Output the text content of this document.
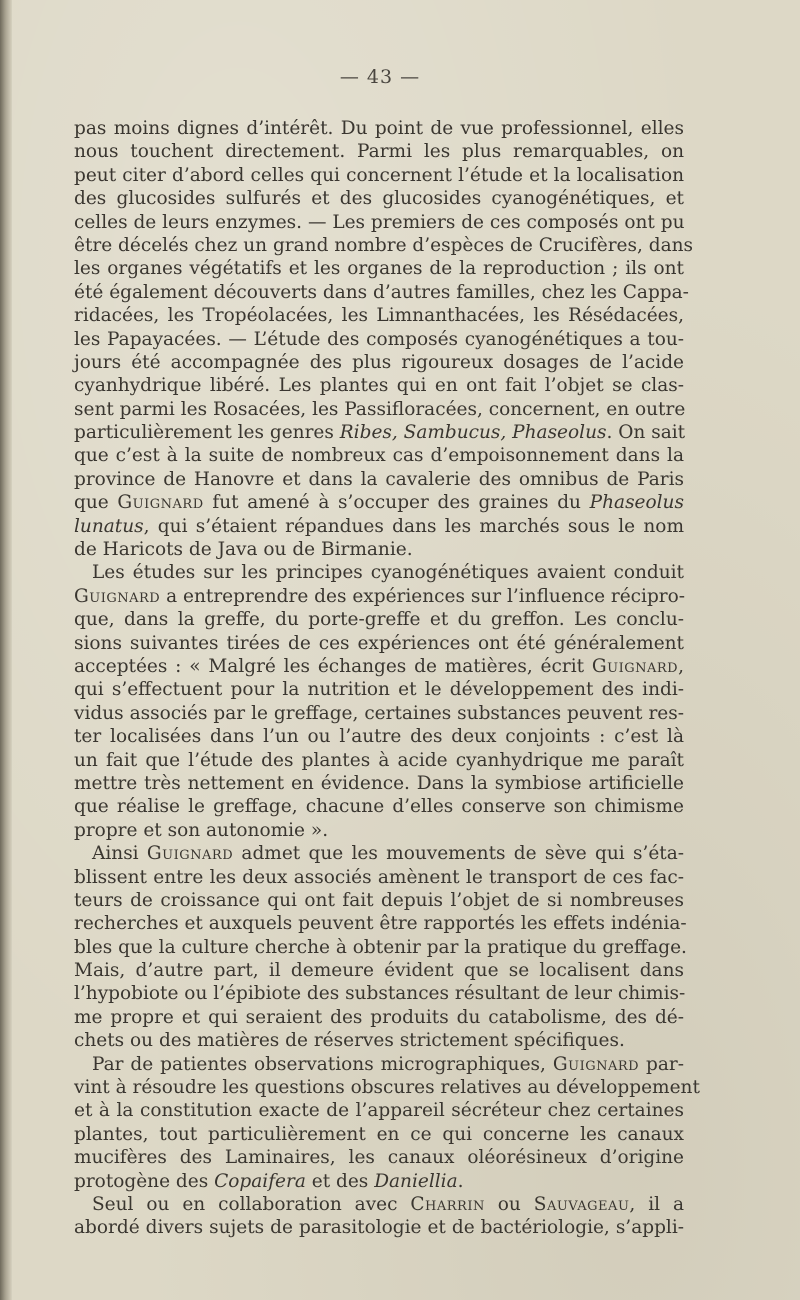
— 43 —
pas moins dignes d’intérêt. Du point de vue professionnel, elles
nous touchent directement. Parmi les plus remarquables, on
peut citer d’abord celles qui concernent l’étude et la localisation
des glucosides sulfurés et des glucosides cyanogénétiques, et
celles de leurs enzymes. — Les premiers de ces composés ont pu
être décelés chez un grand nombre d’espèces de Crucifères, dans
les organes végétatifs et les organes de la reproduction ; ils ont
été également découverts dans d’autres familles, chez les Cappa-
ridacées, les Tropéolacées, les Limnanthacées, les Résédacées,
les Papayacées. — L’étude des composés cyanogénétiques a tou-
jours été accompagnée des plus rigoureux dosages de l’acide
cyanhydrique libéré. Les plantes qui en ont fait l’objet se clas-
sent parmi les Rosacées, les Passifloracées, concernent, en outre
particulièrement les genres Ribes, Sambucus, Phaseolus. On sait
que c’est à la suite de nombreux cas d’empoisonnement dans la
province de Hanovre et dans la cavalerie des omnibus de Paris
que Guignard fut amené à s’occuper des graines du Phaseolus
lunatus, qui s’étaient répandues dans les marchés sous le nom
de Haricots de Java ou de Birmanie.
Les études sur les principes cyanogénétiques avaient conduit
Guignard a entreprendre des expériences sur l’influence récipro-
que, dans la greffe, du porte-greffe et du greffon. Les conclu-
sions suivantes tirées de ces expériences ont été généralement
acceptées : « Malgré les échanges de matières, écrit Guignard,
qui s’effectuent pour la nutrition et le développement des indi-
vidus associés par le greffage, certaines substances peuvent res-
ter localisées dans l’un ou l’autre des deux conjoints : c’est là
un fait que l’étude des plantes à acide cyanhydrique me paraît
mettre très nettement en évidence. Dans la symbiose artificielle
que réalise le greffage, chacune d’elles conserve son chimisme
propre et son autonomie ».
Ainsi Guignard admet que les mouvements de sève qui s’éta-
blissent entre les deux associés amènent le transport de ces fac-
teurs de croissance qui ont fait depuis l’objet de si nombreuses
recherches et auxquels peuvent être rapportés les effets indénia-
bles que la culture cherche à obtenir par la pratique du greffage.
Mais, d’autre part, il demeure évident que se localisent dans
l’hypobiote ou l’épibiote des substances résultant de leur chimis-
me propre et qui seraient des produits du catabolisme, des dé-
chets ou des matières de réserves strictement spécifiques.
Par de patientes observations micrographiques, Guignard par-
vint à résoudre les questions obscures relatives au développement
et à la constitution exacte de l’appareil sécréteur chez certaines
plantes, tout particulièrement en ce qui concerne les canaux
mucifères des Laminaires, les canaux oléorésineux d’origine
protogène des Copaifera et des Daniellia.
Seul ou en collaboration avec Charrin ou Sauvageau, il a
abordé divers sujets de parasitologie et de bactériologie, s’appli-
